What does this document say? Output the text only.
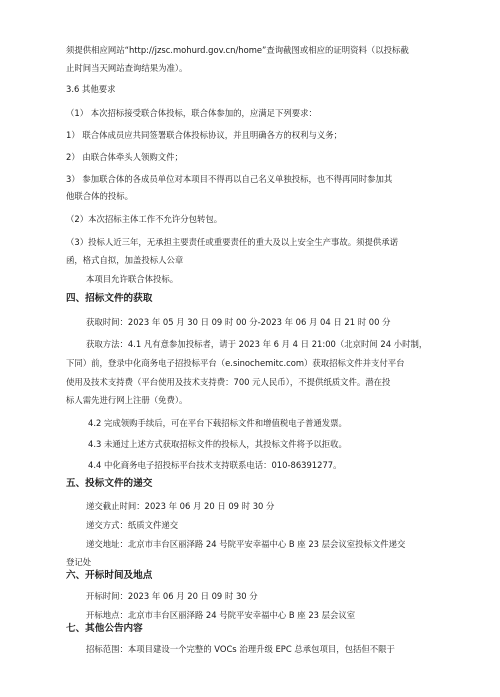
须提供相应网站“http://jzsc.mohurd.gov.cn/home”查询截图或相应的证明资料（以投标截
止时间当天网站查询结果为准）。
3.6 其他要求
（1） 本次招标接受联合体投标，联合体参加的，应满足下列要求：
1） 联合体成员应共同签署联合体投标协议，并且明确各方的权利与义务；
2） 由联合体牵头人领购文件；
3） 参加联合体的各成员单位对本项目不得再以自己名义单独投标，也不得再同时参加其
他联合体的投标。
（2）本次招标主体工作不允许分包转包。
（3）投标人近三年，无承担主要责任或重要责任的重大及以上安全生产事故。须提供承诺
函，格式自拟，加盖投标人公章
本项目允许联合体投标。
四、招标文件的获取
获取时间：2023 年 05 月 30 日 09 时 00 分-2023 年 06 月 04 日 21 时 00 分
获取方法：4.1 凡有意参加投标者，请于 2023 年 6 月 4 日 21:00（北京时间 24 小时制，
下同）前，登录中化商务电子招投标平台（e.sinochemitc.com）获取招标文件并支付平台
使用及技术支持费（平台使用及技术支持费：700 元人民币），不提供纸质文件。潜在投
标人需先进行网上注册（免费）。
4.2 完成领购手续后，可在平台下载招标文件和增值税电子普通发票。
4.3 未通过上述方式获取招标文件的投标人，其投标文件将予以拒收。
4.4 中化商务电子招投标平台技术支持联系电话：010-86391277。
五、投标文件的递交
递交截止时间：2023 年 06 月 20 日 09 时 30 分
递交方式：纸质文件递交
递交地址：北京市丰台区丽泽路 24 号院平安幸福中心 B 座 23 层会议室投标文件递交
登记处
六、开标时间及地点
开标时间：2023 年 06 月 20 日 09 时 30 分
开标地点：北京市丰台区丽泽路 24 号院平安幸福中心 B 座 23 层会议室
七、其他公告内容
招标范围：本项目建设一个完整的 VOCs 治理升级 EPC 总承包项目，包括但不限于
